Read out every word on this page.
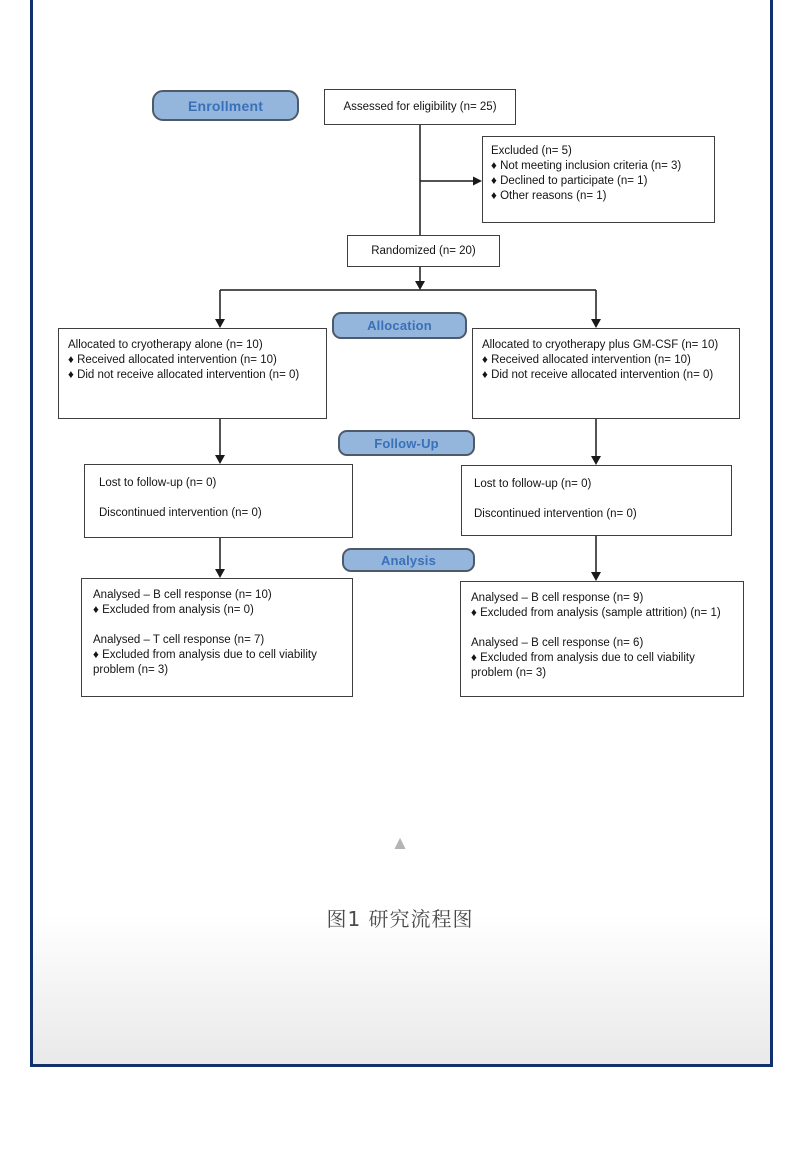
Enrollment
Allocation
Follow-Up
Analysis
Assessed for eligibility (n= 25)
Excluded (n= 5)
♦ Not meeting inclusion criteria (n= 3)
♦ Declined to participate (n= 1)
♦ Other reasons (n= 1)
Randomized (n= 20)
Allocated to cryotherapy alone (n= 10)
♦ Received allocated intervention (n= 10)
♦ Did not receive allocated intervention (n= 0)
Allocated to cryotherapy plus GM-CSF (n= 10)
♦ Received allocated intervention (n= 10)
♦ Did not receive allocated intervention (n= 0)
Lost to follow-up (n= 0)
Discontinued intervention (n= 0)
Lost to follow-up (n= 0)
Discontinued intervention (n= 0)
Analysed – B cell response (n= 10)
♦ Excluded from analysis (n= 0)
Analysed – T cell response (n= 7)
♦ Excluded from analysis due to cell viability
problem (n= 3)
Analysed – B cell response (n= 9)
♦ Excluded from analysis (sample attrition) (n= 1)
Analysed – B cell response (n= 6)
♦ Excluded from analysis due to cell viability
problem (n= 3)
▲
图1 研究流程图
